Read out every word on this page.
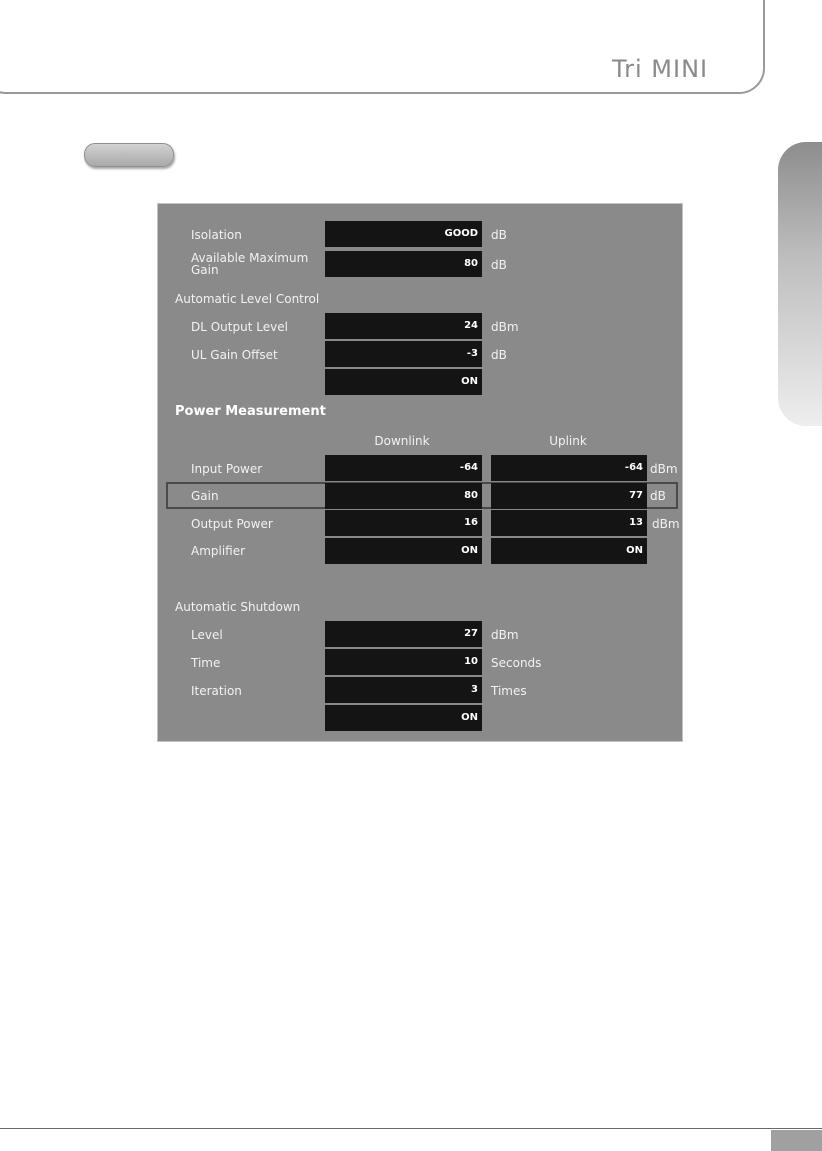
Tri MINI
Isolation	GOOD	dB
Available Maximum Gain	80	dB
Automatic Level Control
DL Output Level	24	dBm
UL Gain Offset	-3	dB
ON
Power Measurement
Downlink	Uplink
Input Power	-64	-64 dBm
Gain	80	77 dB
Output Power	16	13 dBm
Amplifier	ON	ON
Automatic Shutdown
Level	27	dBm
Time	10	Seconds
Iteration	3	Times
ON
